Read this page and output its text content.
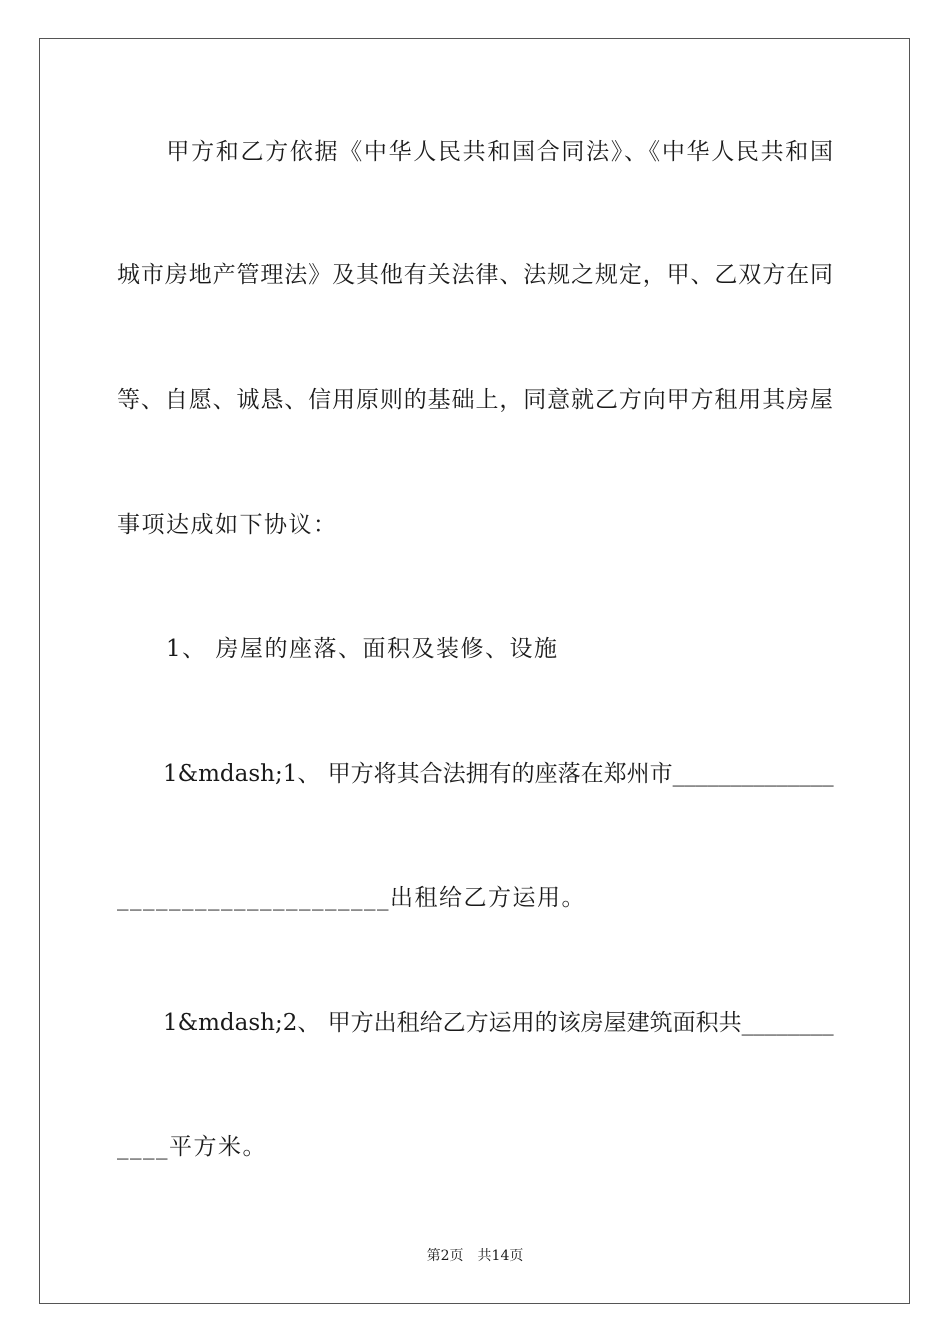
　　甲方和乙方依据《中华人民共和国合同法》、《中华人民共和国
城市房地产管理法》及其他有关法律、法规之规定，甲、乙双方在同
等、自愿、诚恳、信用原则的基础上，同意就乙方向甲方租用其房屋
事项达成如下协议：
　　1、 房屋的座落、面积及装修、设施
　　1&mdash;1、 甲方将其合法拥有的座落在郑州市______________
_____________________出租给乙方运用。
　　1&mdash;2、 甲方出租给乙方运用的该房屋建筑面积共________
____平方米。
第2页　共14页
